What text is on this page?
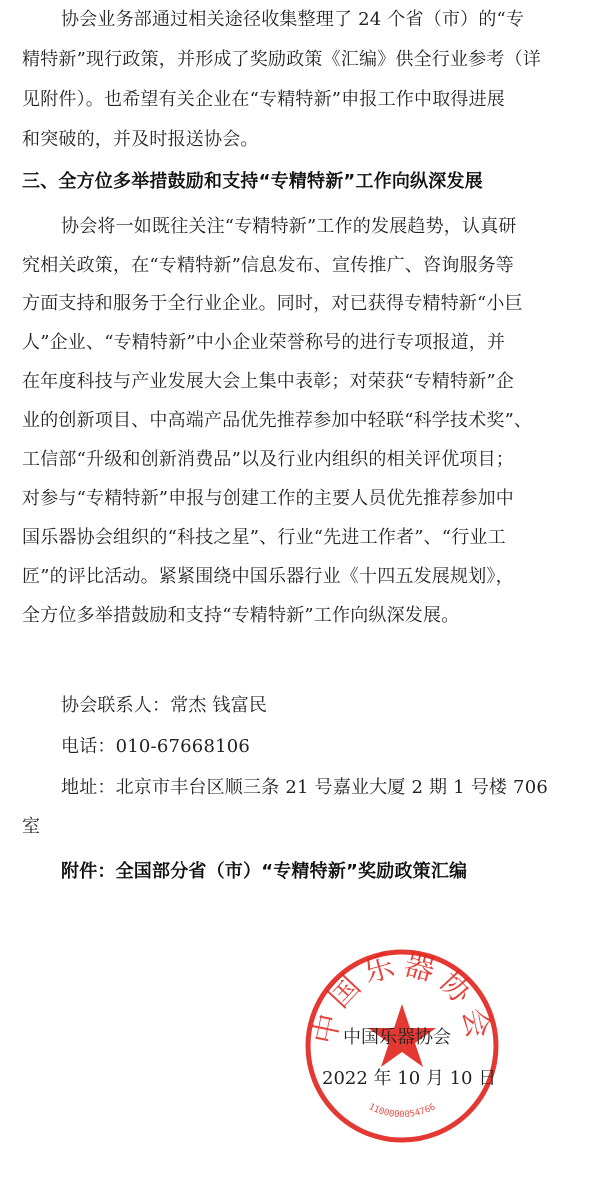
协会业务部通过相关途径收集整理了 24 个省（市）的“专
精特新”现行政策，并形成了奖励政策《汇编》供全行业参考（详
见附件）。也希望有关企业在“专精特新”申报工作中取得进展
和突破的，并及时报送协会。
三、全方位多举措鼓励和支持“专精特新”工作向纵深发展
协会将一如既往关注“专精特新”工作的发展趋势，认真研
究相关政策，在“专精特新”信息发布、宣传推广、咨询服务等
方面支持和服务于全行业企业。同时，对已获得专精特新“小巨
人”企业、“专精特新”中小企业荣誉称号的进行专项报道，并
在年度科技与产业发展大会上集中表彰；对荣获“专精特新”企
业的创新项目、中高端产品优先推荐参加中轻联“科学技术奖”、
工信部“升级和创新消费品”以及行业内组织的相关评优项目；
对参与“专精特新”申报与创建工作的主要人员优先推荐参加中
国乐器协会组织的“科技之星”、行业“先进工作者”、“行业工
匠”的评比活动。紧紧围绕中国乐器行业《十四五发展规划》，
全方位多举措鼓励和支持“专精特新”工作向纵深发展。
协会联系人：常杰 钱富民
电话：010-67668106
地址：北京市丰台区顺三条 21 号嘉业大厦 2 期 1 号楼 706
室
附件：全国部分省（市）“专精特新”奖励政策汇编
中国乐器协会
1100000054766
中国乐器协会
2022 年 10 月 10 日
